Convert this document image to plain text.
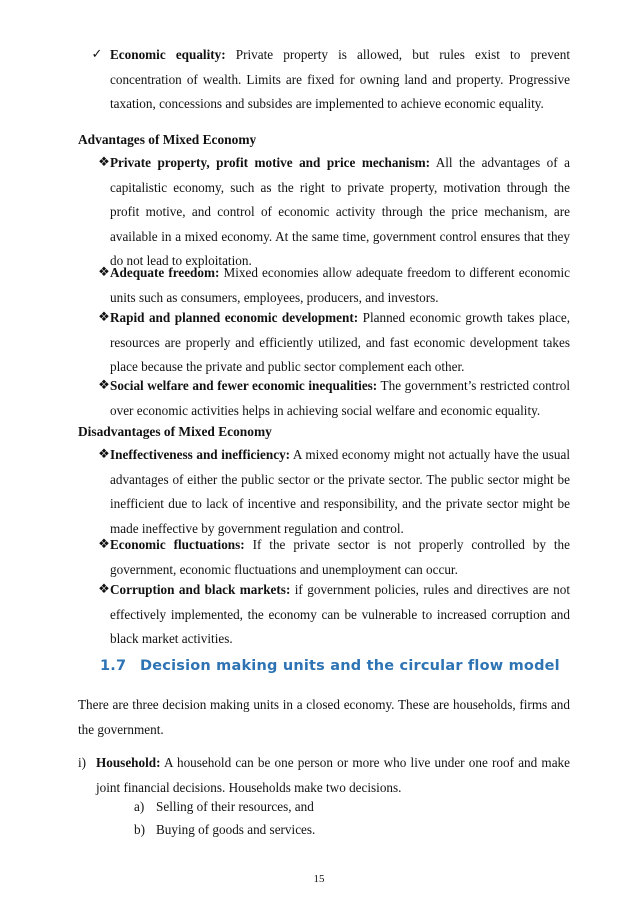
✓ Economic equality: Private property is allowed, but rules exist to prevent concentration of wealth. Limits are fixed for owning land and property. Progressive taxation, concessions and subsides are implemented to achieve economic equality.
Advantages of Mixed Economy
❖ Private property, profit motive and price mechanism: All the advantages of a capitalistic economy, such as the right to private property, motivation through the profit motive, and control of economic activity through the price mechanism, are available in a mixed economy. At the same time, government control ensures that they do not lead to exploitation.
❖ Adequate freedom: Mixed economies allow adequate freedom to different economic units such as consumers, employees, producers, and investors.
❖ Rapid and planned economic development: Planned economic growth takes place, resources are properly and efficiently utilized, and fast economic development takes place because the private and public sector complement each other.
❖ Social welfare and fewer economic inequalities: The government’s restricted control over economic activities helps in achieving social welfare and economic equality.
Disadvantages of Mixed Economy
❖ Ineffectiveness and inefficiency: A mixed economy might not actually have the usual advantages of either the public sector or the private sector. The public sector might be inefficient due to lack of incentive and responsibility, and the private sector might be made ineffective by government regulation and control.
❖ Economic fluctuations: If the private sector is not properly controlled by the government, economic fluctuations and unemployment can occur.
❖ Corruption and black markets: if government policies, rules and directives are not effectively implemented, the economy can be vulnerable to increased corruption and black market activities.
1.7 Decision making units and the circular flow model
There are three decision making units in a closed economy. These are households, firms and the government.
i) Household: A household can be one person or more who live under one roof and make joint financial decisions. Households make two decisions.
a) Selling of their resources, and
b) Buying of goods and services.
15
